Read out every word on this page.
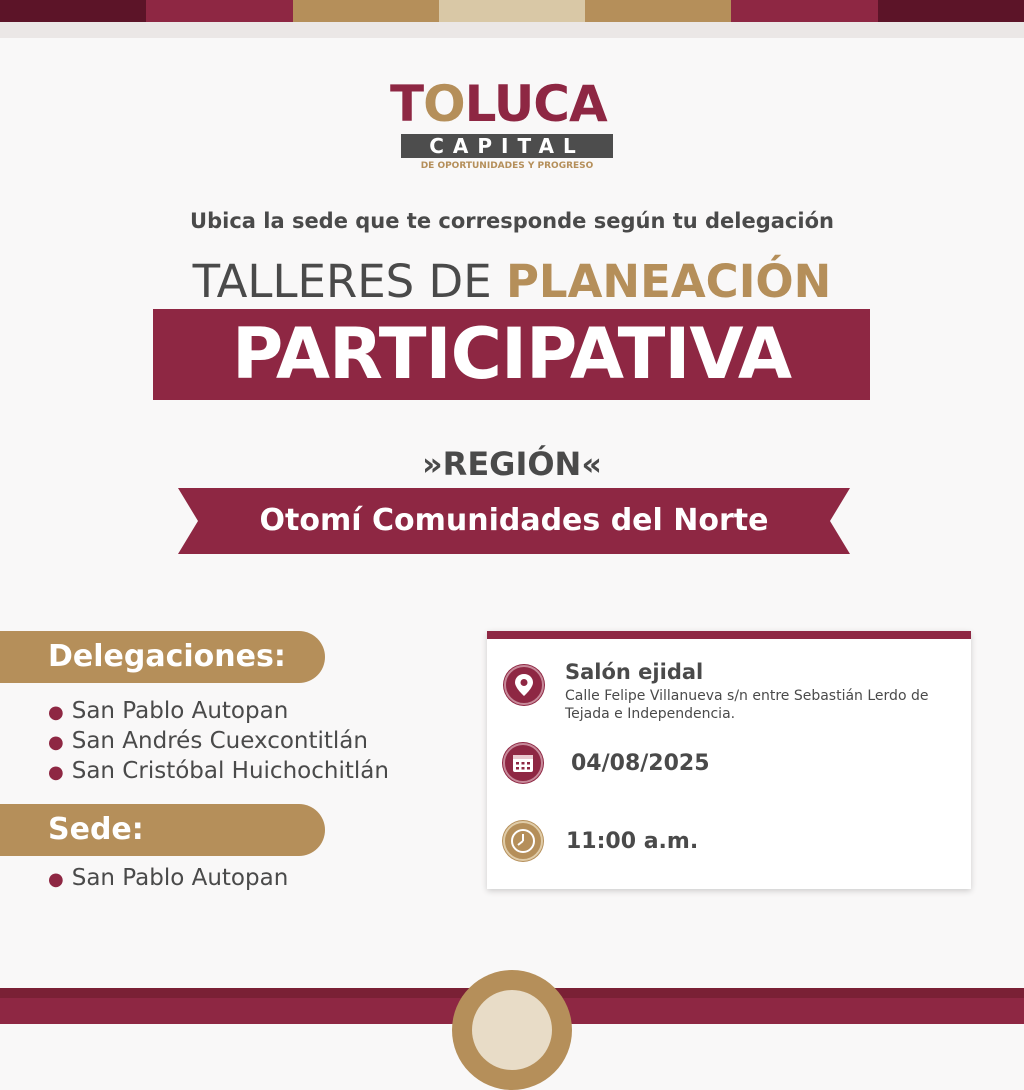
TOLUCA
CAPITAL
DE OPORTUNIDADES Y PROGRESO
Ubica la sede que te corresponde según tu delegación
TALLERES DE PLANEACIÓN
PARTICIPATIVA
»REGIÓN«
Otomí Comunidades del Norte
Delegaciones:
● San Pablo Autopan
● San Andrés Cuexcontitlán
● San Cristóbal Huichochitlán
Sede:
● San Pablo Autopan
Salón ejidal
Calle Felipe Villanueva s/n entre Sebastián Lerdo de Tejada e Independencia.
04/08/2025
11:00 a.m.
